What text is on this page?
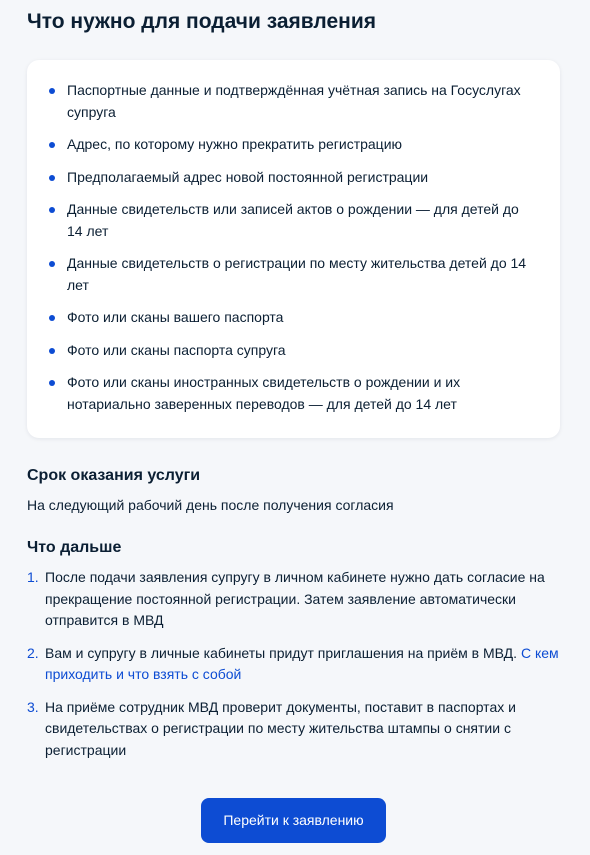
Что нужно для подачи заявления
Паспортные данные и подтверждённая учётная запись на Госуслугах супруга
Адрес, по которому нужно прекратить регистрацию
Предполагаемый адрес новой постоянной регистрации
Данные свидетельств или записей актов о рождении — для детей до 14 лет
Данные свидетельств о регистрации по месту жительства детей до 14 лет
Фото или сканы вашего паспорта
Фото или сканы паспорта супруга
Фото или сканы иностранных свидетельств о рождении и их нотариально заверенных переводов — для детей до 14 лет
Срок оказания услуги

На следующий рабочий день после получения согласия

Что дальше
1. После подачи заявления супругу в личном кабинете нужно дать согласие на прекращение постоянной регистрации. Затем заявление автоматически отправится в МВД
2. Вам и супругу в личные кабинеты придут приглашения на приём в МВД. С кем приходить и что взять с собой
3. На приёме сотрудник МВД проверит документы, поставит в паспортах и свидетельствах о регистрации по месту жительства штампы о снятии с регистрации
Перейти к заявлению
